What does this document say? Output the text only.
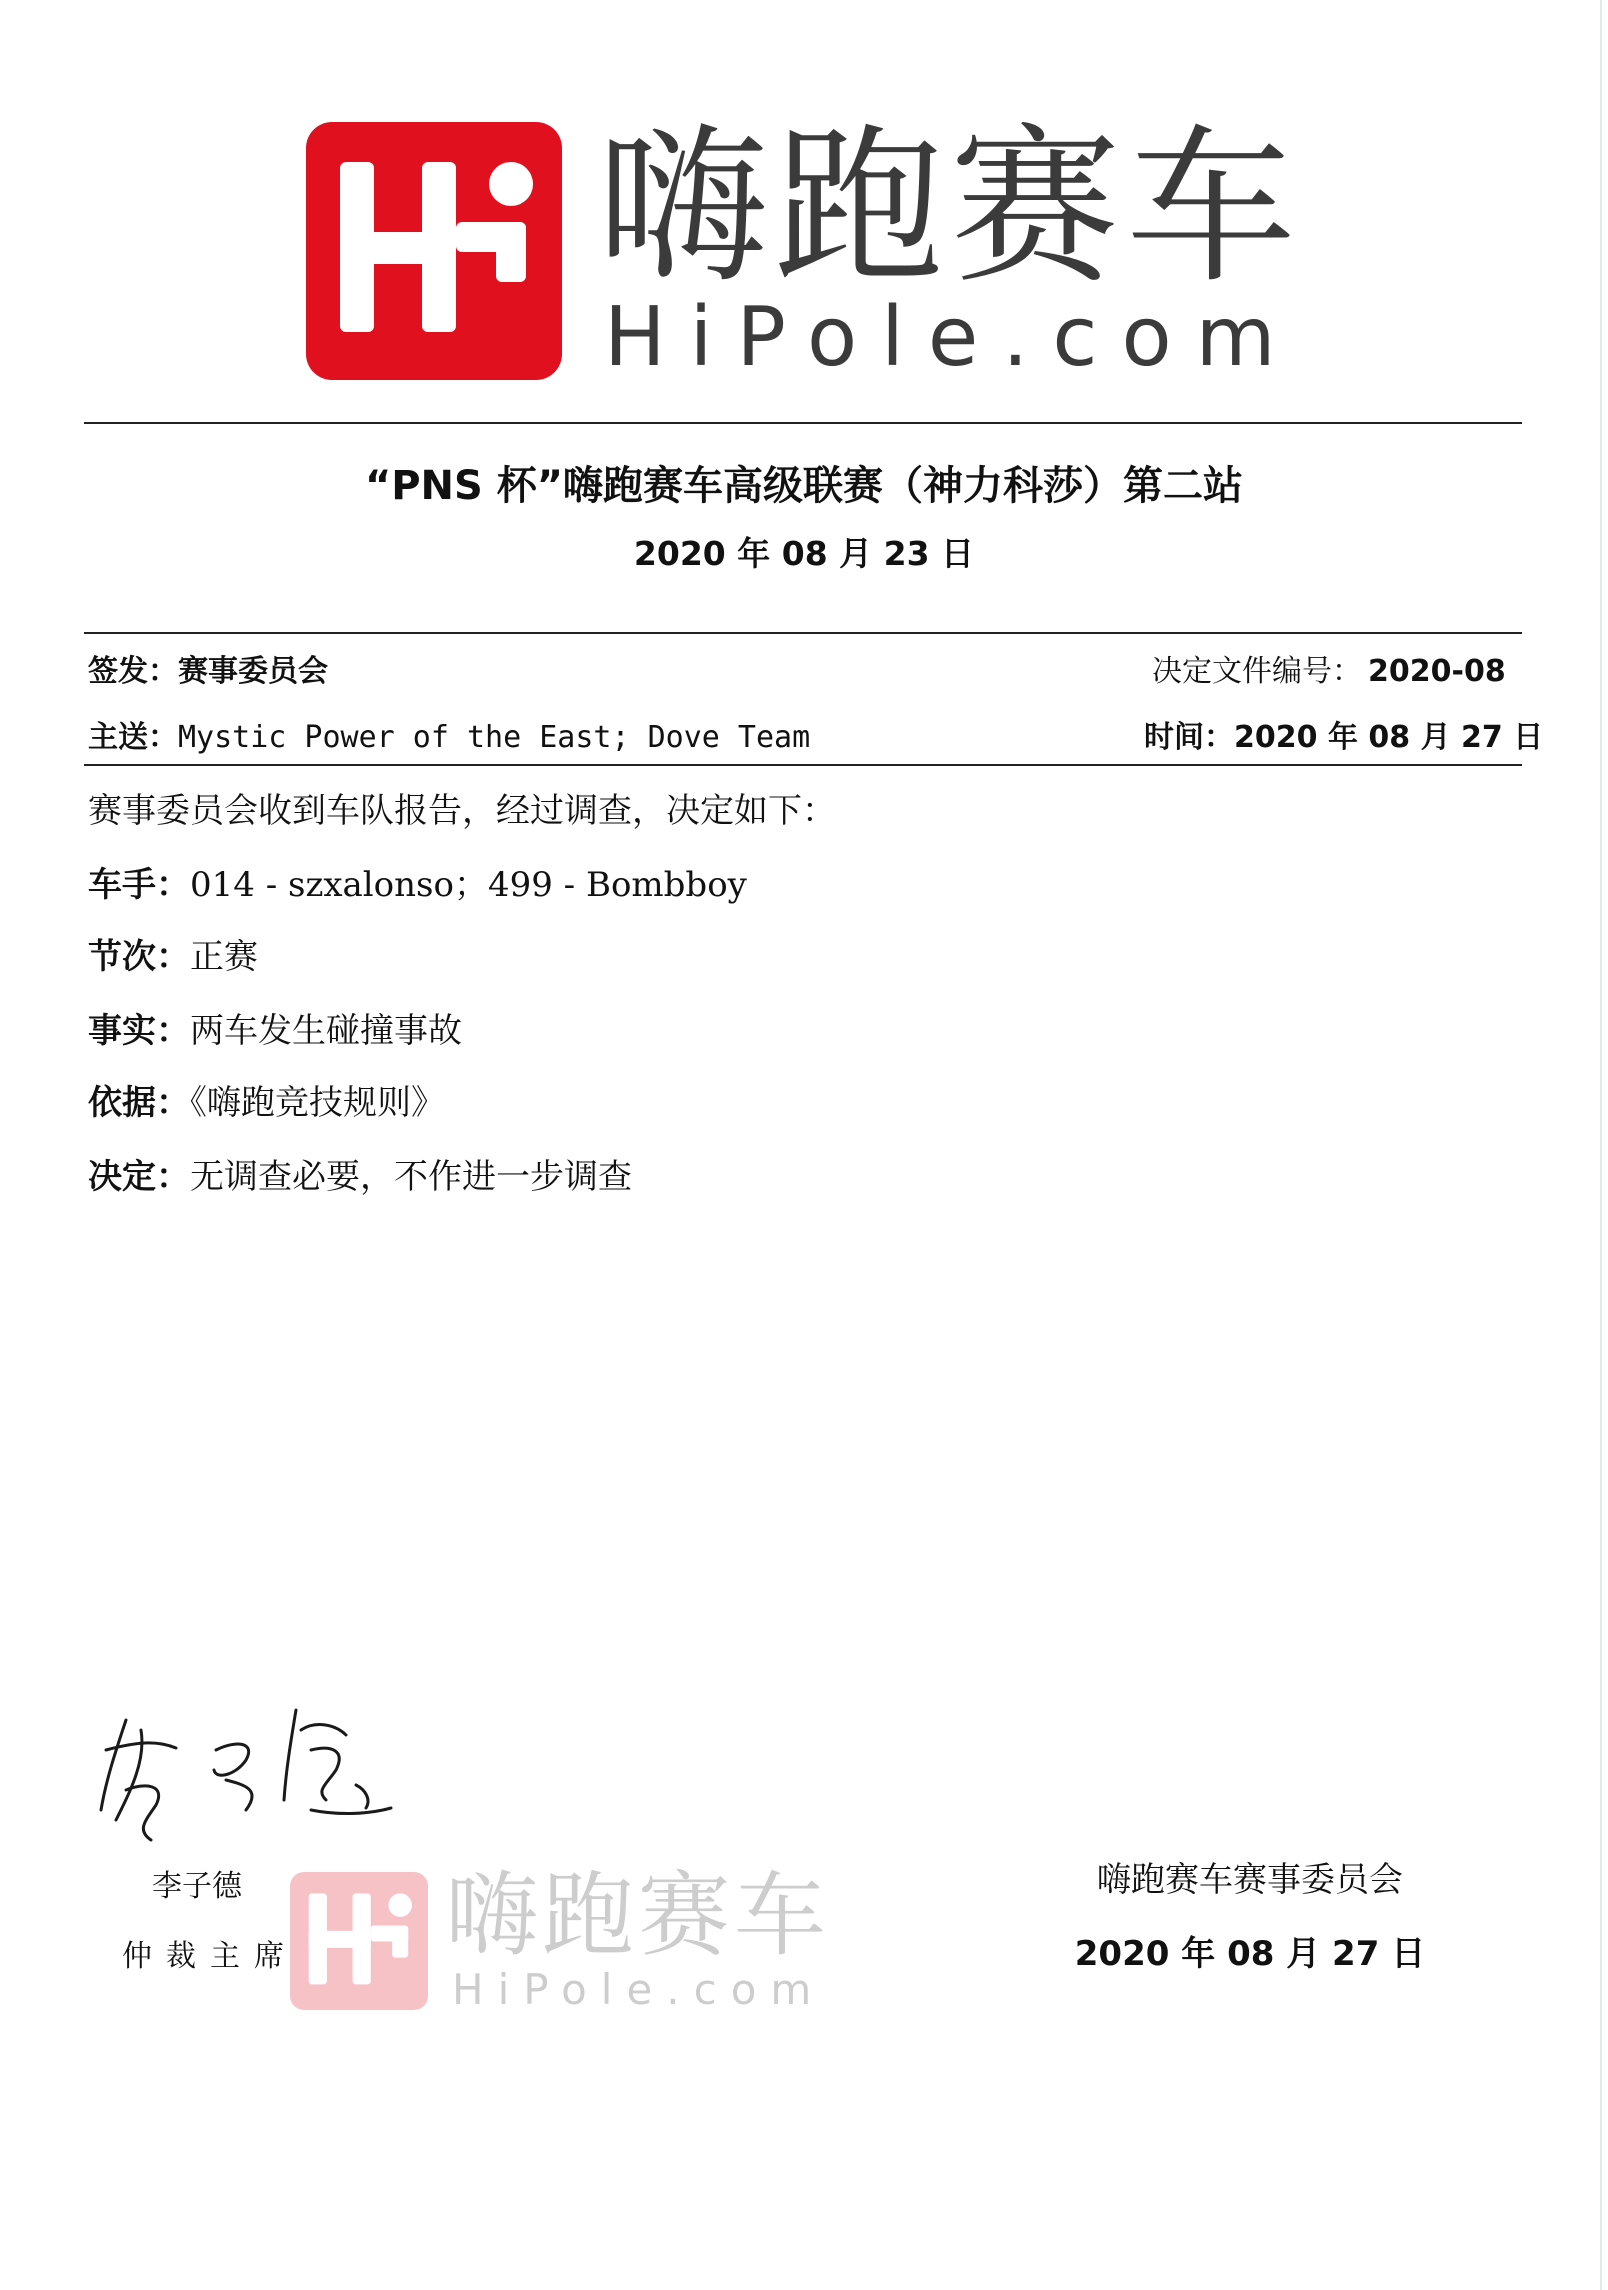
嗨跑赛车
HiPole.com
“PNS 杯”嗨跑赛车高级联赛（神力科莎）第二站
2020 年 08 月 23 日
签发：赛事委员会	决定文件编号： 2020-08
主送：Mystic Power of the East; Dove Team	时间：2020 年 08 月 27 日
赛事委员会收到车队报告，经过调查，决定如下：
车手：014 - szxalonso；499 - Bombboy
节次：正赛
事实：两车发生碰撞事故
依据：《嗨跑竞技规则》
决定：无调查必要，不作进一步调查
李子德
仲裁主席 嗨跑赛车
HiPole.com
嗨跑赛车赛事委员会
2020 年 08 月 27 日
